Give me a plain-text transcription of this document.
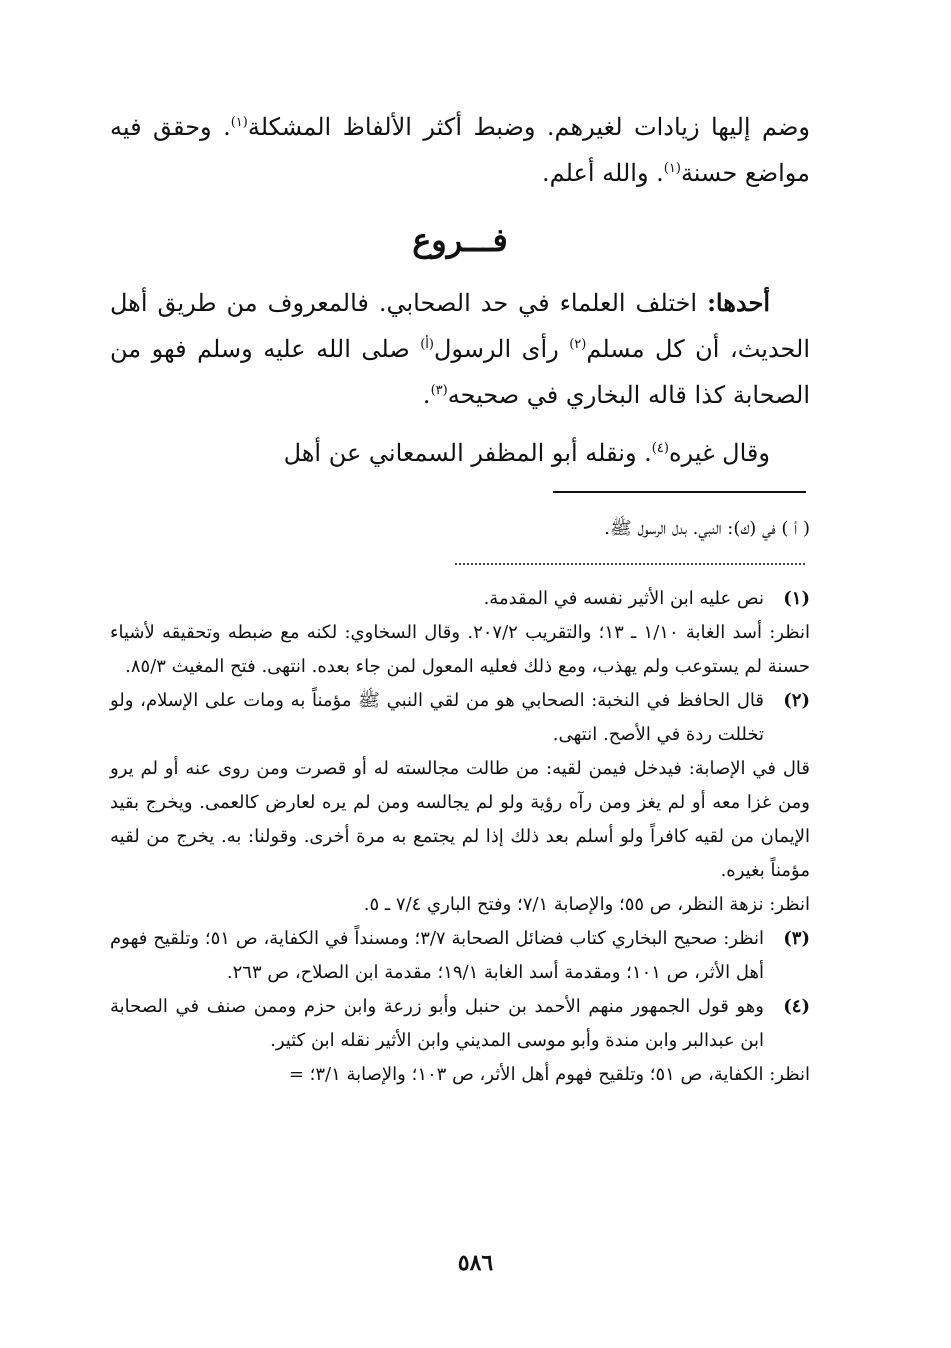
وضم إليها زيادات لغيرهم. وضبط أكثر الألفاظ المشكلة$^{(١)}$. وحقق فيه مواضع حسنة$^{(١)}$. والله أعلم.

فـــروع

أحدها: اختلف العلماء في حد الصحابي. فالمعروف من طريق أهل الحديث، أن كل مسلم$^{(٢)}$ رأى الرسول$^{(أ)}$ صلى الله عليه وسلم فهو من الصحابة كذا قاله البخاري في صحيحه$^{(٣)}$.

وقال غيره$^{(٤)}$. ونقله أبو المظفر السمعاني عن أهل

( أ ) في (ك): النبي. بدل الرسول ﷺ.

(١)نص عليه ابن الأثير نفسه في المقدمة.

انظر: أسد الغابة ١/١٠ ـ ١٣؛ والتقريب ٢٠٧/٢. وقال السخاوي: لكنه مع ضبطه وتحقيقه لأشياء حسنة لم يستوعب ولم يهذب، ومع ذلك فعليه المعول لمن جاء بعده. انتهى. فتح المغيث ٨٥/٣.

(٢)قال الحافظ في النخبة: الصحابي هو من لقي النبي ﷺ مؤمناً به ومات على الإسلام، ولو تخللت ردة في الأصح. انتهى.

قال في الإصابة: فيدخل فيمن لقيه: من طالت مجالسته له أو قصرت ومن روى عنه أو لم يرو ومن غزا معه أو لم يغز ومن رآه رؤية ولو لم يجالسه ومن لم يره لعارض كالعمى. ويخرج بقيد الإيمان من لقيه كافراً ولو أسلم بعد ذلك إذا لم يجتمع به مرة أخرى. وقولنا: به. يخرج من لقيه مؤمناً بغيره.

انظر: نزهة النظر، ص ٥٥؛ والإصابة ٧/١؛ وفتح الباري ٧/٤ ـ ٥.

(٣)انظر: صحيح البخاري كتاب فضائل الصحابة ٣/٧؛ ومسنداً في الكفاية، ص ٥١؛ وتلقيح فهوم أهل الأثر، ص ١٠١؛ ومقدمة أسد الغابة ١٩/١؛ مقدمة ابن الصلاح، ص ٢٦٣.

(٤)وهو قول الجمهور منهم الأحمد بن حنبل وأبو زرعة وابن حزم وممن صنف في الصحابة ابن عبدالبر وابن مندة وأبو موسى المديني وابن الأثير نقله ابن كثير.

انظر: الكفاية، ص ٥١؛ وتلقيح فهوم أهل الأثر، ص ١٠٣؛ والإصابة ٣/١؛ =

٥٨٦
